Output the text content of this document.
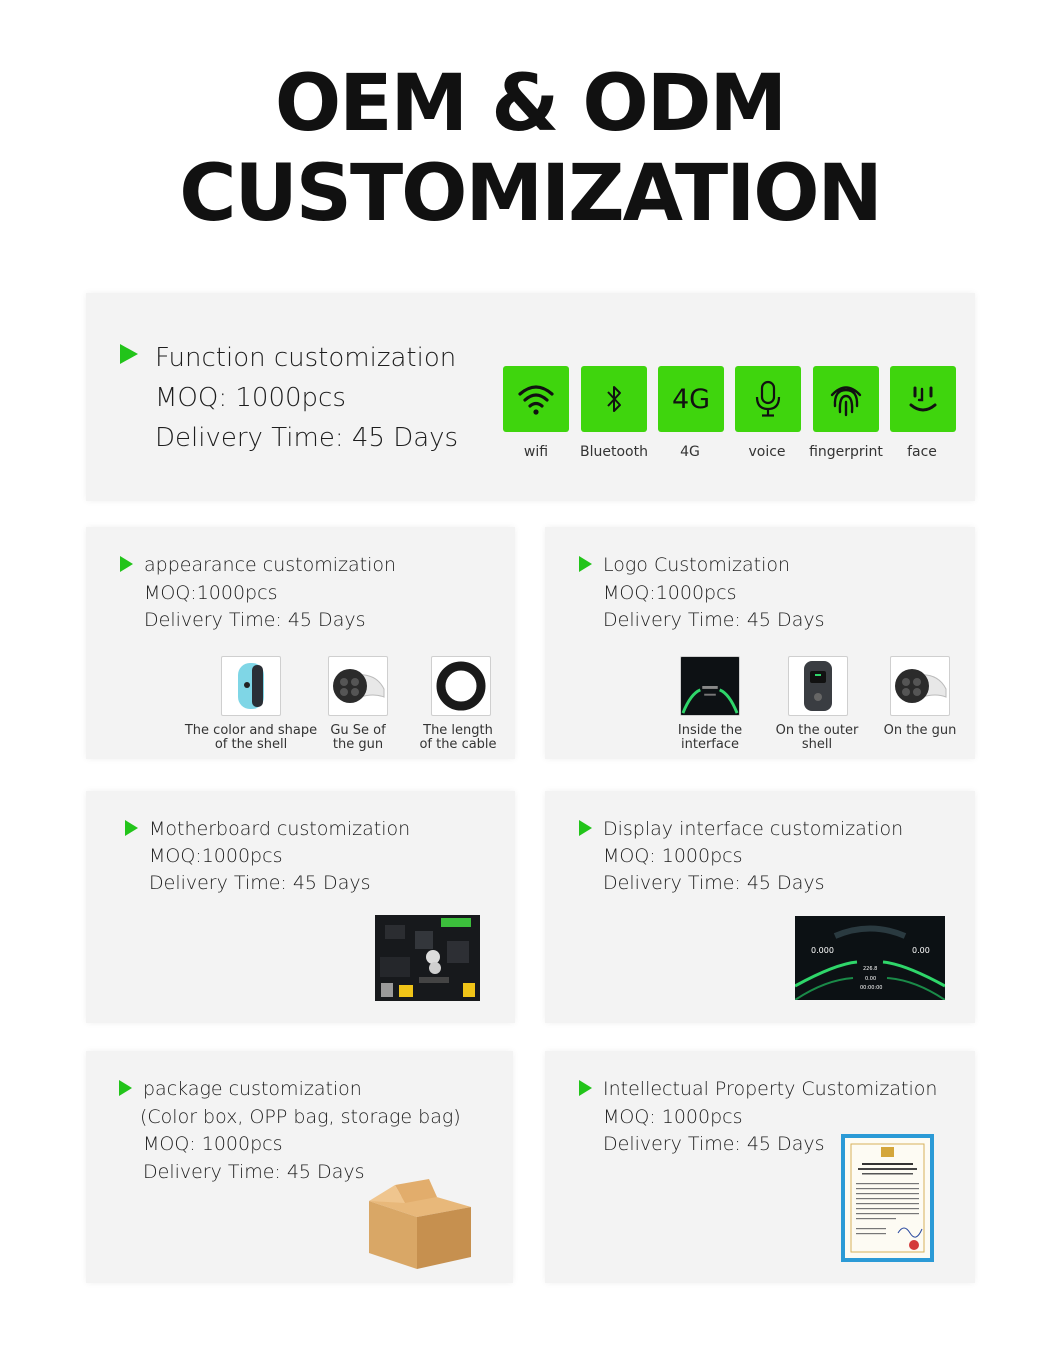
OEM & ODM
CUSTOMIZATION
Function customization
MOQ: 1000pcs
Delivery Time: 45 Days
4G
wifi	Bluetooth	4G	voice	fingerprint	face
appearance customization
MOQ:1000pcs
Delivery Time: 45 Days
The color and shape
of the shell
Gu Se of
the gun
The length
of the cable
Logo Customization
MOQ:1000pcs
Delivery Time: 45 Days
Inside the
interface
On the outer
shell
On the gun
Motherboard customization
MOQ:1000pcs
Delivery Time: 45 Days
Display interface customization
MOQ: 1000pcs
Delivery Time: 45 Days
0.000	0.00
226.8
0.00
00:00:00
package customization
(Color box, OPP bag, storage bag)
MOQ: 1000pcs
Delivery Time: 45 Days
Intellectual Property Customization
MOQ: 1000pcs
Delivery Time: 45 Days
